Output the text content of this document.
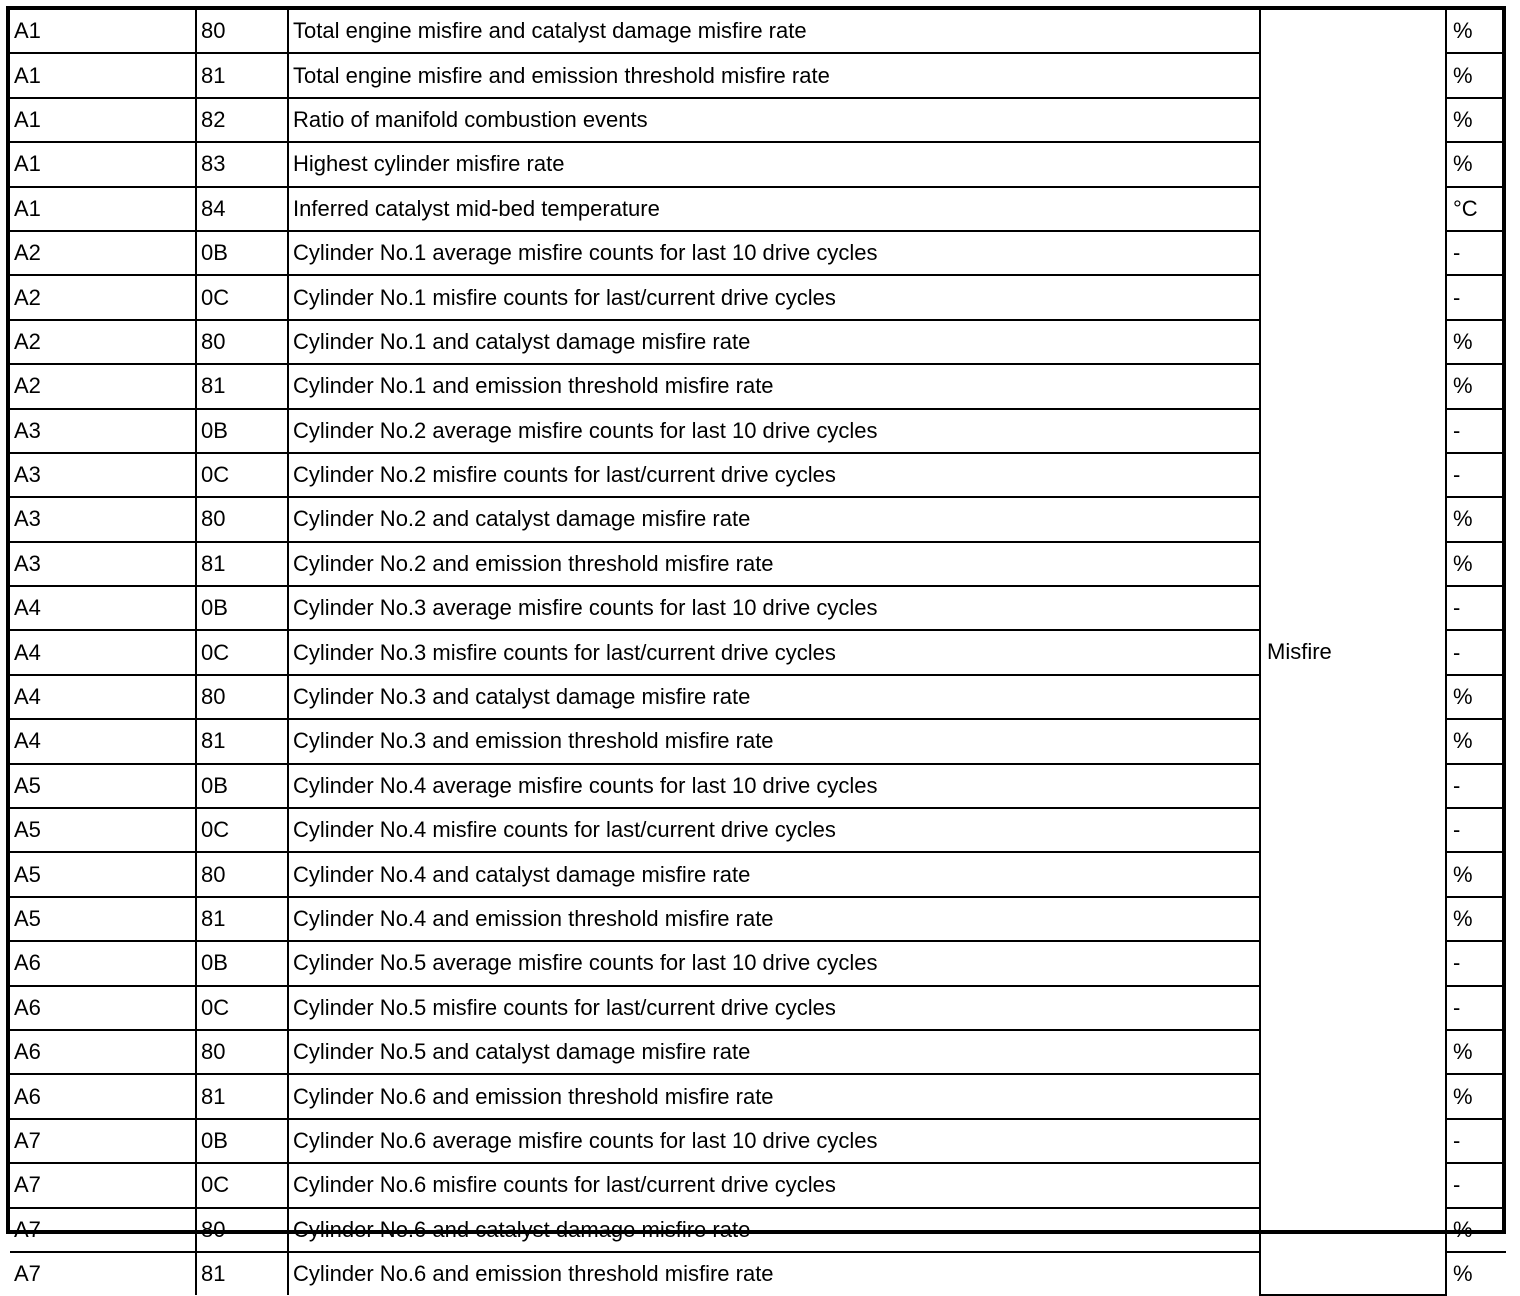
A1	80	Total engine misfire and catalyst damage misfire rate	Misfire	%
A1	81	Total engine misfire and emission threshold misfire rate		%
A1	82	Ratio of manifold combustion events		%
A1	83	Highest cylinder misfire rate		%
A1	84	Inferred catalyst mid-bed temperature		°C
A2	0B	Cylinder No.1 average misfire counts for last 10 drive cycles		-
A2	0C	Cylinder No.1 misfire counts for last/current drive cycles		-
A2	80	Cylinder No.1 and catalyst damage misfire rate		%
A2	81	Cylinder No.1 and emission threshold misfire rate		%
A3	0B	Cylinder No.2 average misfire counts for last 10 drive cycles		-
A3	0C	Cylinder No.2 misfire counts for last/current drive cycles		-
A3	80	Cylinder No.2 and catalyst damage misfire rate		%
A3	81	Cylinder No.2 and emission threshold misfire rate		%
A4	0B	Cylinder No.3 average misfire counts for last 10 drive cycles		-
A4	0C	Cylinder No.3 misfire counts for last/current drive cycles		-
A4	80	Cylinder No.3 and catalyst damage misfire rate		%
A4	81	Cylinder No.3 and emission threshold misfire rate		%
A5	0B	Cylinder No.4 average misfire counts for last 10 drive cycles		-
A5	0C	Cylinder No.4 misfire counts for last/current drive cycles		-
A5	80	Cylinder No.4 and catalyst damage misfire rate		%
A5	81	Cylinder No.4 and emission threshold misfire rate		%
A6	0B	Cylinder No.5 average misfire counts for last 10 drive cycles		-
A6	0C	Cylinder No.5 misfire counts for last/current drive cycles		-
A6	80	Cylinder No.5 and catalyst damage misfire rate		%
A6	81	Cylinder No.6 and emission threshold misfire rate		%
A7	0B	Cylinder No.6 average misfire counts for last 10 drive cycles		-
A7	0C	Cylinder No.6 misfire counts for last/current drive cycles		-
A7	80	Cylinder No.6 and catalyst damage misfire rate		%
A7	81	Cylinder No.6 and emission threshold misfire rate		%
